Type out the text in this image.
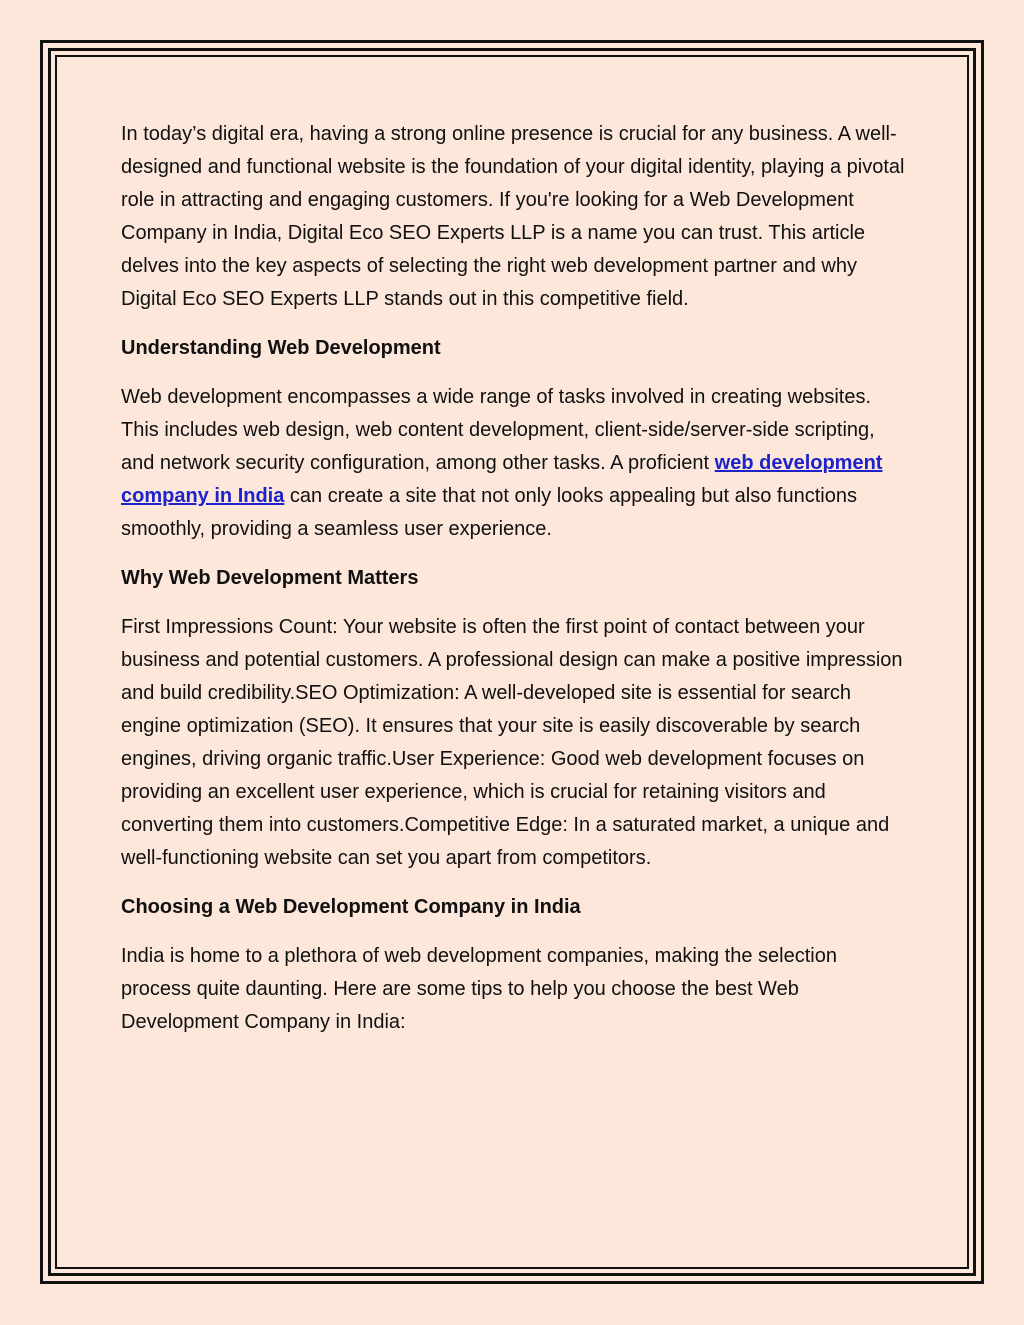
In today’s digital era, having a strong online presence is crucial for any business. A well-designed and functional website is the foundation of your digital identity, playing a pivotal role in attracting and engaging customers. If you're looking for a Web Development Company in India, Digital Eco SEO Experts LLP is a name you can trust. This article delves into the key aspects of selecting the right web development partner and why Digital Eco SEO Experts LLP stands out in this competitive field.

Understanding Web Development

Web development encompasses a wide range of tasks involved in creating websites. This includes web design, web content development, client-side/server-side scripting, and network security configuration, among other tasks. A proficient web development company in India can create a site that not only looks appealing but also functions smoothly, providing a seamless user experience.

Why Web Development Matters

First Impressions Count: Your website is often the first point of contact between your business and potential customers. A professional design can make a positive impression and build credibility.SEO Optimization: A well-developed site is essential for search engine optimization (SEO). It ensures that your site is easily discoverable by search engines, driving organic traffic.User Experience: Good web development focuses on providing an excellent user experience, which is crucial for retaining visitors and converting them into customers.Competitive Edge: In a saturated market, a unique and well-functioning website can set you apart from competitors.

Choosing a Web Development Company in India

India is home to a plethora of web development companies, making the selection process quite daunting. Here are some tips to help you choose the best Web Development Company in India:
